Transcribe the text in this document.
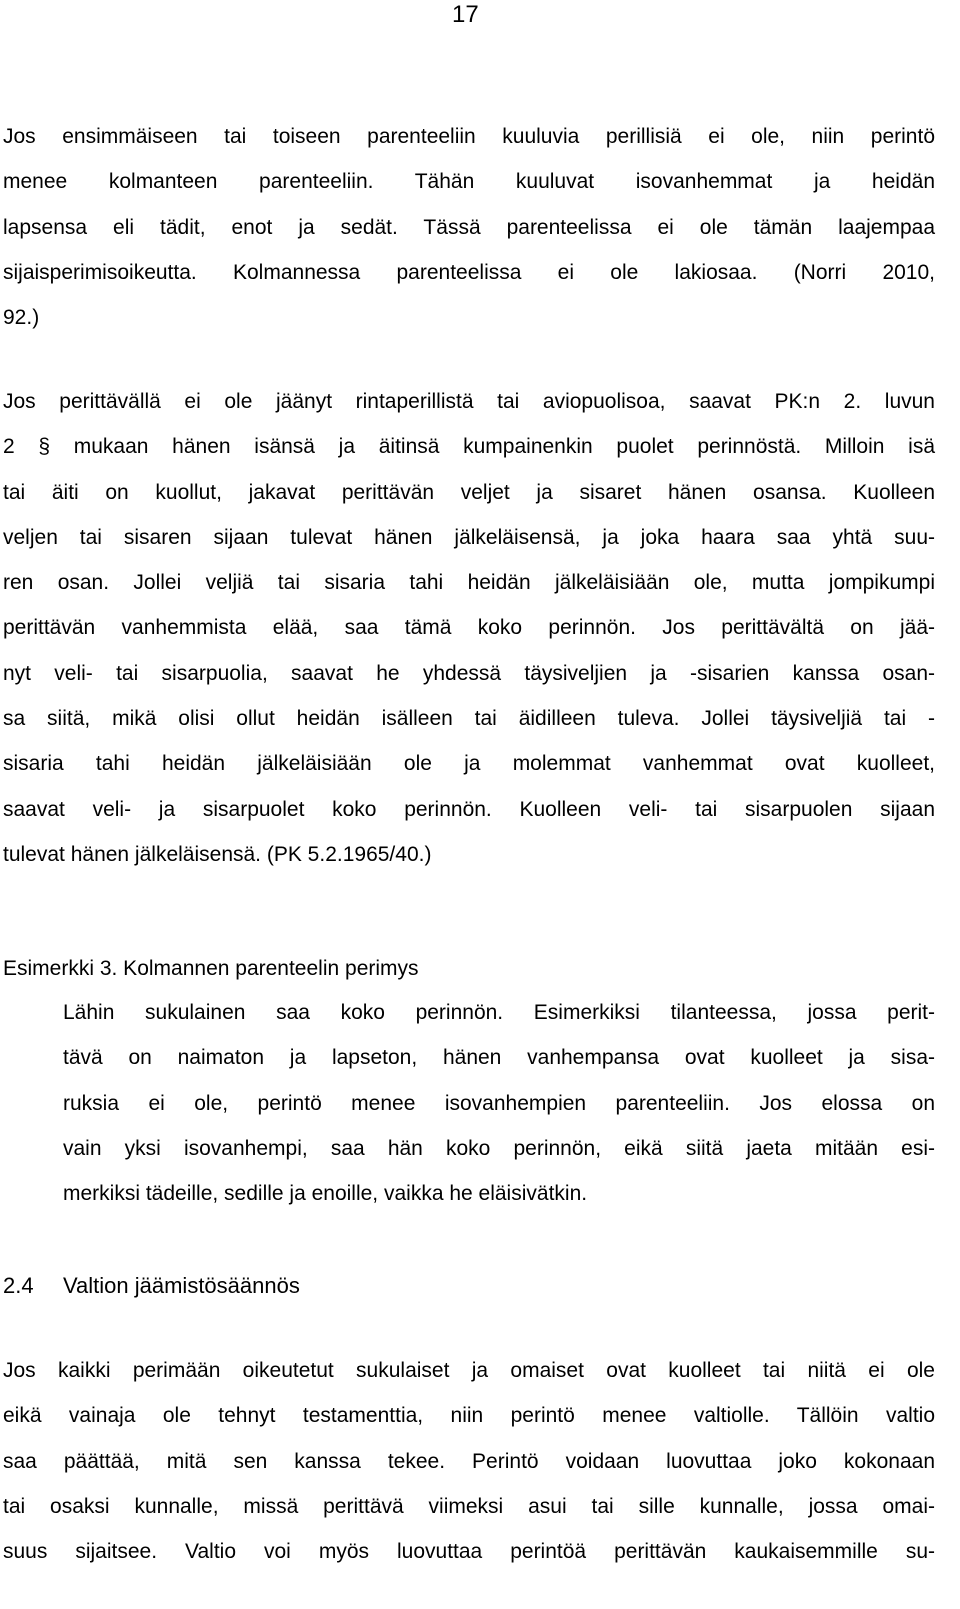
17
Jos ensimmäiseen tai toiseen parenteeliin kuuluvia perillisiä ei ole, niin perintö
menee kolmanteen parenteeliin. Tähän kuuluvat isovanhemmat ja heidän
lapsensa eli tädit, enot ja sedät. Tässä parenteelissa ei ole tämän laajempaa
sijaisperimisoikeutta. Kolmannessa parenteelissa ei ole lakiosaa. (Norri 2010,
92.)
Jos perittävällä ei ole jäänyt rintaperillistä tai aviopuolisoa, saavat PK:n 2. luvun
2 § mukaan hänen isänsä ja äitinsä kumpainenkin puolet perinnöstä. Milloin isä
tai äiti on kuollut, jakavat perittävän veljet ja sisaret hänen osansa. Kuolleen
veljen tai sisaren sijaan tulevat hänen jälkeläisensä, ja joka haara saa yhtä suu-
ren osan. Jollei veljiä tai sisaria tahi heidän jälkeläisiään ole, mutta jompikumpi
perittävän vanhemmista elää, saa tämä koko perinnön. Jos perittävältä on jää-
nyt veli- tai sisarpuolia, saavat he yhdessä täysiveljien ja -sisarien kanssa osan-
sa siitä, mikä olisi ollut heidän isälleen tai äidilleen tuleva. Jollei täysiveljiä tai -
sisaria tahi heidän jälkeläisiään ole ja molemmat vanhemmat ovat kuolleet,
saavat veli- ja sisarpuolet koko perinnön. Kuolleen veli- tai sisarpuolen sijaan
tulevat hänen jälkeläisensä. (PK 5.2.1965/40.)
Esimerkki 3. Kolmannen parenteelin perimys
Lähin sukulainen saa koko perinnön. Esimerkiksi tilanteessa, jossa perit-
tävä on naimaton ja lapseton, hänen vanhempansa ovat kuolleet ja sisa-
ruksia ei ole, perintö menee isovanhempien parenteeliin. Jos elossa on
vain yksi isovanhempi, saa hän koko perinnön, eikä siitä jaeta mitään esi-
merkiksi tädeille, sedille ja enoille, vaikka he eläisivätkin.
2.4 Valtion jäämistösäännös
Jos kaikki perimään oikeutetut sukulaiset ja omaiset ovat kuolleet tai niitä ei ole
eikä vainaja ole tehnyt testamenttia, niin perintö menee valtiolle. Tällöin valtio
saa päättää, mitä sen kanssa tekee. Perintö voidaan luovuttaa joko kokonaan
tai osaksi kunnalle, missä perittävä viimeksi asui tai sille kunnalle, jossa omai-
suus sijaitsee. Valtio voi myös luovuttaa perintöä perittävän kaukaisemmille su-
